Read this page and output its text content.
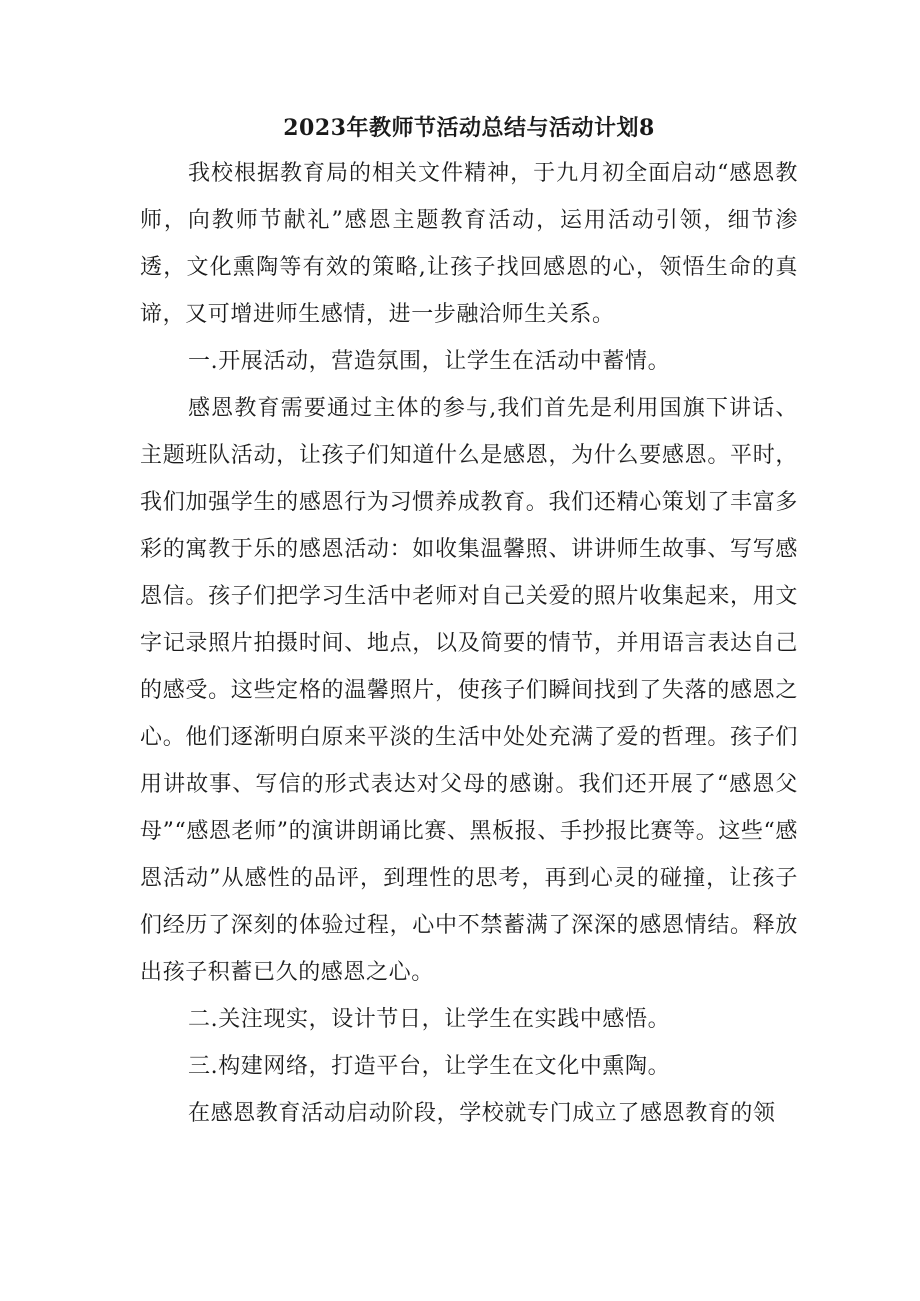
2023年教师节活动总结与活动计划8

我校根据教育局的相关文件精神，于九月初全面启动“感恩教师，向教师节献礼”感恩主题教育活动，运用活动引领，细节渗透，文化熏陶等有效的策略,让孩子找回感恩的心，领悟生命的真谛，又可增进师生感情，进一步融洽师生关系。

一.开展活动，营造氛围，让学生在活动中蓄情。

感恩教育需要通过主体的参与,我们首先是利用国旗下讲话、主题班队活动，让孩子们知道什么是感恩，为什么要感恩。平时，我们加强学生的感恩行为习惯养成教育。我们还精心策划了丰富多彩的寓教于乐的感恩活动：如收集温馨照、讲讲师生故事、写写感恩信。孩子们把学习生活中老师对自己关爱的照片收集起来，用文字记录照片拍摄时间、地点，以及简要的情节，并用语言表达自己的感受。这些定格的温馨照片，使孩子们瞬间找到了失落的感恩之心。他们逐渐明白原来平淡的生活中处处充满了爱的哲理。孩子们用讲故事、写信的形式表达对父母的感谢。我们还开展了“感恩父母”“感恩老师”的演讲朗诵比赛、黑板报、手抄报比赛等。这些“感恩活动”从感性的品评，到理性的思考，再到心灵的碰撞，让孩子们经历了深刻的体验过程，心中不禁蓄满了深深的感恩情结。释放出孩子积蓄已久的感恩之心。

二.关注现实，设计节日，让学生在实践中感悟。

三.构建网络，打造平台，让学生在文化中熏陶。

在感恩教育活动启动阶段，学校就专门成立了感恩教育的领
